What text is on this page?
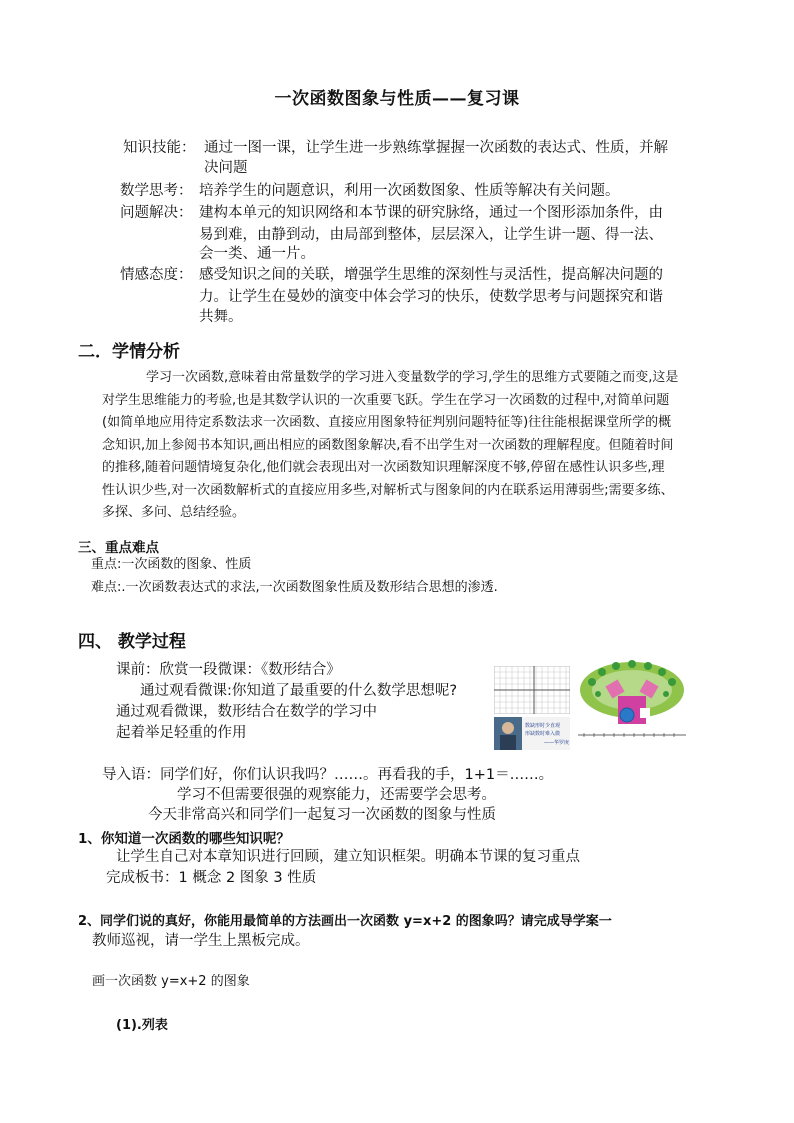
一次函数图象与性质——复习课
知识技能： 通过一图一课，让学生进一步熟练掌握握一次函数的表达式、性质，并解
决问题
数学思考： 培养学生的问题意识，利用一次函数图象、性质等解决有关问题。
问题解决： 建构本单元的知识网络和本节课的研究脉络，通过一个图形添加条件，由
易到难，由静到动，由局部到整体，层层深入，让学生讲一题、得一法、
会一类、通一片。
情感态度： 感受知识之间的关联，增强学生思维的深刻性与灵活性，提高解决问题的
力。让学生在曼妙的演变中体会学习的快乐，使数学思考与问题探究和谐
共舞。
二．学情分析
学习一次函数,意味着由常量数学的学习进入变量数学的学习,学生的思维方式要随之而变,这是
对学生思维能力的考验,也是其数学认识的一次重要飞跃。学生在学习一次函数的过程中,对简单问题
(如简单地应用待定系数法求一次函数、直接应用图象特征判别问题特征等)往往能根据课堂所学的概
念知识,加上参阅书本知识,画出相应的函数图象解决,看不出学生对一次函数的理解程度。但随着时间
的推移,随着问题情境复杂化,他们就会表现出对一次函数知识理解深度不够,停留在感性认识多些,理
性认识少些,对一次函数解析式的直接应用多些,对解析式与图象间的内在联系运用薄弱些;需要多练、
多探、多问、总结经验。
三、重点难点
重点:一次函数的图象、性质
难点:.一次函数表达式的求法,一次函数图象性质及数形结合思想的渗透.
四、 教学过程
课前：欣赏一段微课：《数形结合》
通过观看微课:你知道了最重要的什么数学思想呢?
通过观看微课，数形结合在数学的学习中
起着举足轻重的作用	数缺形时少直观
形缺数时难入微
——华罗庚
导入语：同学们好，你们认识我吗？……。再看我的手，1+1＝……。
学习不但需要很强的观察能力，还需要学会思考。
今天非常高兴和同学们一起复习一次函数的图象与性质
1、你知道一次函数的哪些知识呢？
让学生自己对本章知识进行回顾，建立知识框架。明确本节课的复习重点
完成板书：1 概念 2 图象 3 性质
2、同学们说的真好，你能用最简单的方法画出一次函数 y=x+2 的图象吗？请完成导学案一
教师巡视，请一学生上黑板完成。
画一次函数 y=x+2 的图象
(1).列表
